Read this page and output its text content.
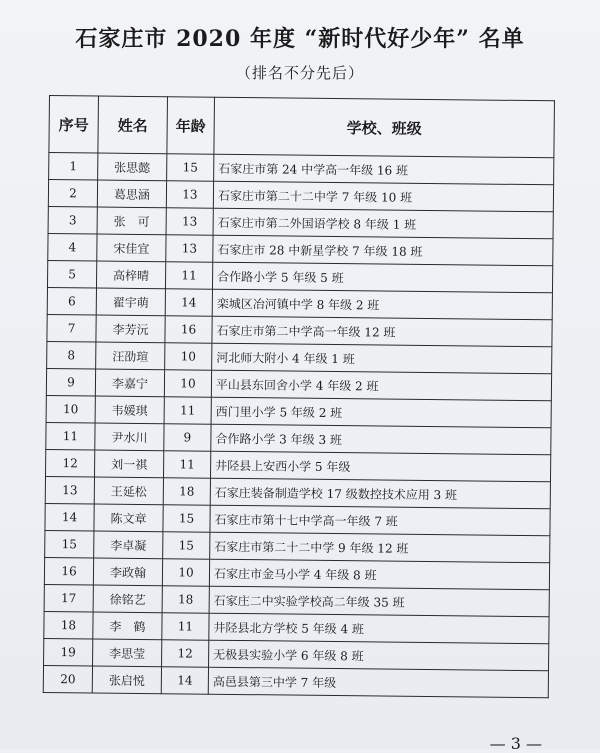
石家庄市 2020 年度 “新时代好少年” 名单
（排名不分先后）
序号	姓名	年龄	学校、班级
1	张思懿	15	石家庄市第 24 中学高一年级 16 班
2	葛思涵	13	石家庄市第二十二中学 7 年级 10 班
3	张　可	13	石家庄市第二外国语学校 8 年级 1 班
4	宋佳宜	13	石家庄市 28 中新星学校 7 年级 18 班
5	高梓晴	11	合作路小学 5 年级 5 班
6	翟宇萌	14	栾城区冶河镇中学 8 年级 2 班
7	李芳沅	16	石家庄市第二中学高一年级 12 班
8	汪劭瑄	10	河北师大附小 4 年级 1 班
9	李嘉宁	10	平山县东回舍小学 4 年级 2 班
10	韦媛琪	11	西门里小学 5 年级 2 班
11	尹水川	9	合作路小学 3 年级 3 班
12	刘一祺	11	井陉县上安西小学 5 年级
13	王延松	18	石家庄装备制造学校 17 级数控技术应用 3 班
14	陈文章	15	石家庄市第十七中学高一年级 7 班
15	李卓凝	15	石家庄市第二十二中学 9 年级 12 班
16	李政翰	10	石家庄市金马小学 4 年级 8 班
17	徐铭艺	18	石家庄二中实验学校高二年级 35 班
18	李　鹤	11	井陉县北方学校 5 年级 4 班
19	李思莹	12	无极县实验小学 6 年级 8 班
20	张启悦	14	高邑县第三中学 7 年级
— 3 —
